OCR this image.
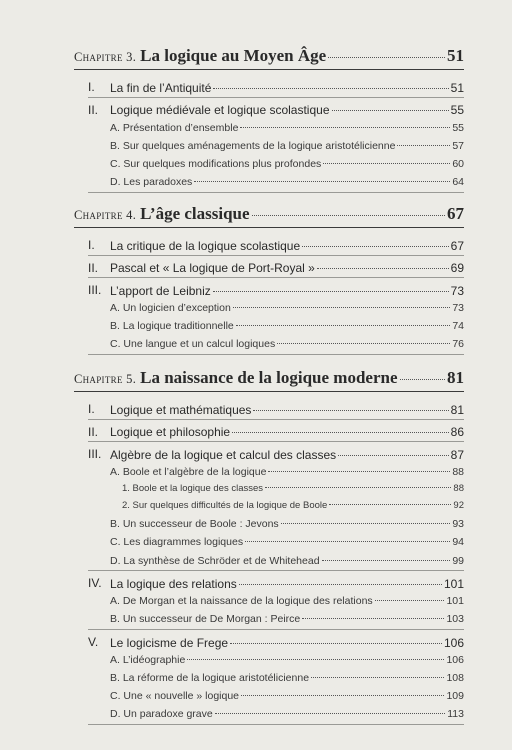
Chapitre 3. La logique au Moyen Âge	51
I.	La fin de l’Antiquité	51
II. Logique médiévale et logique scolastique	55
A. Présentation d’ensemble	55
B. Sur quelques aménagements de la logique aristotélicienne	57
C. Sur quelques modifications plus profondes	60
D. Les paradoxes	64
Chapitre 4. L’âge classique	67
I.	La critique de la logique scolastique	67
II. Pascal et « La logique de Port-Royal »	69
III. L’apport de Leibniz	73
A. Un logicien d’exception	73
B. La logique traditionnelle	74
C. Une langue et un calcul logiques	76
Chapitre 5. La naissance de la logique moderne	81
I.	Logique et mathématiques	81
II. Logique et philosophie	86
III. Algèbre de la logique et calcul des classes	87
A. Boole et l’algèbre de la logique	88
1. Boole et la logique des classes	88
2. Sur quelques difficultés de la logique de Boole	92
B. Un successeur de Boole : Jevons	93
C. Les diagrammes logiques	94
D. La synthèse de Schröder et de Whitehead	99
IV. La logique des relations	101
A. De Morgan et la naissance de la logique des relations	101
B. Un successeur de De Morgan : Peirce	103
V. Le logicisme de Frege	106
A. L’idéographie	106
B. La réforme de la logique aristotélicienne	108
C. Une « nouvelle » logique	109
D. Un paradoxe grave	113
